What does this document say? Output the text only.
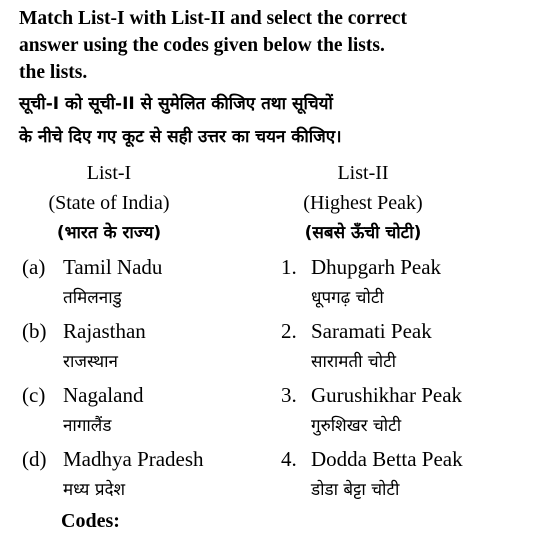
Match List-I with List-II and select the correct
answer using the codes given below the lists.
the lists.
सूची-I को सूची-II से सुमेलित कीजिए तथा सूचियों
के नीचे दिए गए कूट से सही उत्तर का चयन कीजिए।
List-I
(State of India)
(भारत के राज्य)
List-II
(Highest Peak)
(सबसे ऊँची चोटी)
(a) Tamil Nadu
तमिलनाडु
(b) Rajasthan
राजस्थान
(c) Nagaland
नागालैंड
(d) Madhya Pradesh
मध्य प्रदेश
1. Dhupgarh Peak
धूपगढ़ चोटी
2. Saramati Peak
सारामती चोटी
3. Gurushikhar Peak
गुरुशिखर चोटी
4. Dodda Betta Peak
डोडा बेट्टा चोटी
Codes:
